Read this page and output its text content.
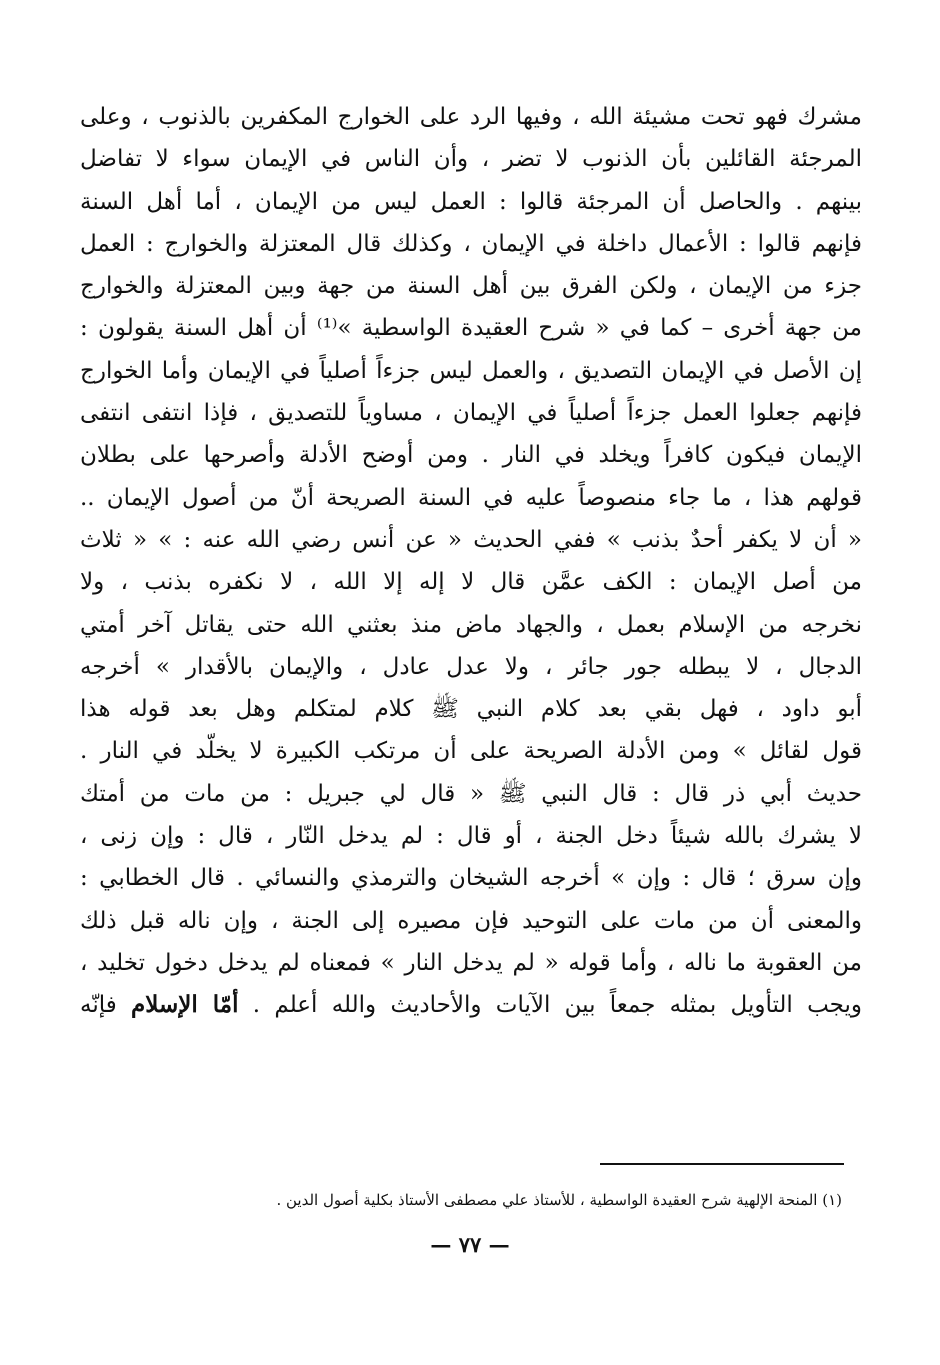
مشرك فهو تحت مشيئة الله ، وفيها الرد على الخوارج المكفرين بالذنوب ، وعلى
المرجئة القائلين بأن الذنوب لا تضر ، وأن الناس في الإيمان سواء لا تفاضل
بينهم . والحاصل أن المرجئة قالوا : العمل ليس من الإيمان ، أما أهل السنة
فإنهم قالوا : الأعمال داخلة في الإيمان ، وكذلك قال المعتزلة والخوارج : العمل
جزء من الإيمان ، ولكن الفرق بين أهل السنة من جهة وبين المعتزلة والخوارج
من جهة أخرى – كما في « شرح العقيدة الواسطية »⁽¹⁾ أن أهل السنة يقولون :
إن الأصل في الإيمان التصديق ، والعمل ليس جزءاً أصلياً في الإيمان وأما الخوارج
فإنهم جعلوا العمل جزءاً أصلياً في الإيمان ، مساوياً للتصديق ، فإذا انتفى انتفى
الإيمان فيكون كافراً ويخلد في النار . ومن أوضح الأدلة وأصرحها على بطلان
قولهم هذا ، ما جاء منصوصاً عليه في السنة الصريحة أنّ من أصول الإيمان ..
« أن لا يكفر أحدٌ بذنب » ففي الحديث « عن أنس رضي الله عنه : » « ثلاث
من أصل الإيمان : الكف عمَّن قال لا إله إلا الله ، لا نكفره بذنب ، ولا
نخرجه من الإسلام بعمل ، والجهاد ماض منذ بعثني الله حتى يقاتل آخر أمتي
الدجال ، لا يبطله جور جائر ، ولا عدل عادل ، والإيمان بالأقدار » أخرجه
أبو داود ، فهل بقي بعد كلام النبي ﷺ كلام لمتكلم وهل بعد قوله هذا
قول لقائل » ومن الأدلة الصريحة على أن مرتكب الكبيرة لا يخلّد في النار .
حديث أبي ذر قال : قال النبي ﷺ « قال لي جبريل : من مات من أمتك
لا يشرك بالله شيئاً دخل الجنة ، أو قال : لم يدخل النّار ، قال : وإن زنى ،
وإن سرق ؛ قال : وإن » أخرجه الشيخان والترمذي والنسائي . قال الخطابي :
والمعنى أن من مات على التوحيد فإن مصيره إلى الجنة ، وإن ناله قبل ذلك
من العقوبة ما ناله ، وأما قوله « لم يدخل النار » فمعناه لم يدخل دخول تخليد ،
ويجب التأويل بمثله جمعاً بين الآيات والأحاديث والله أعلم . أمّا الإسلام فإنّه
(١) المنحة الإلهية شرح العقيدة الواسطية ، للأستاذ علي مصطفى الأستاذ بكلية أصول الدين .
— ٧٧ —
